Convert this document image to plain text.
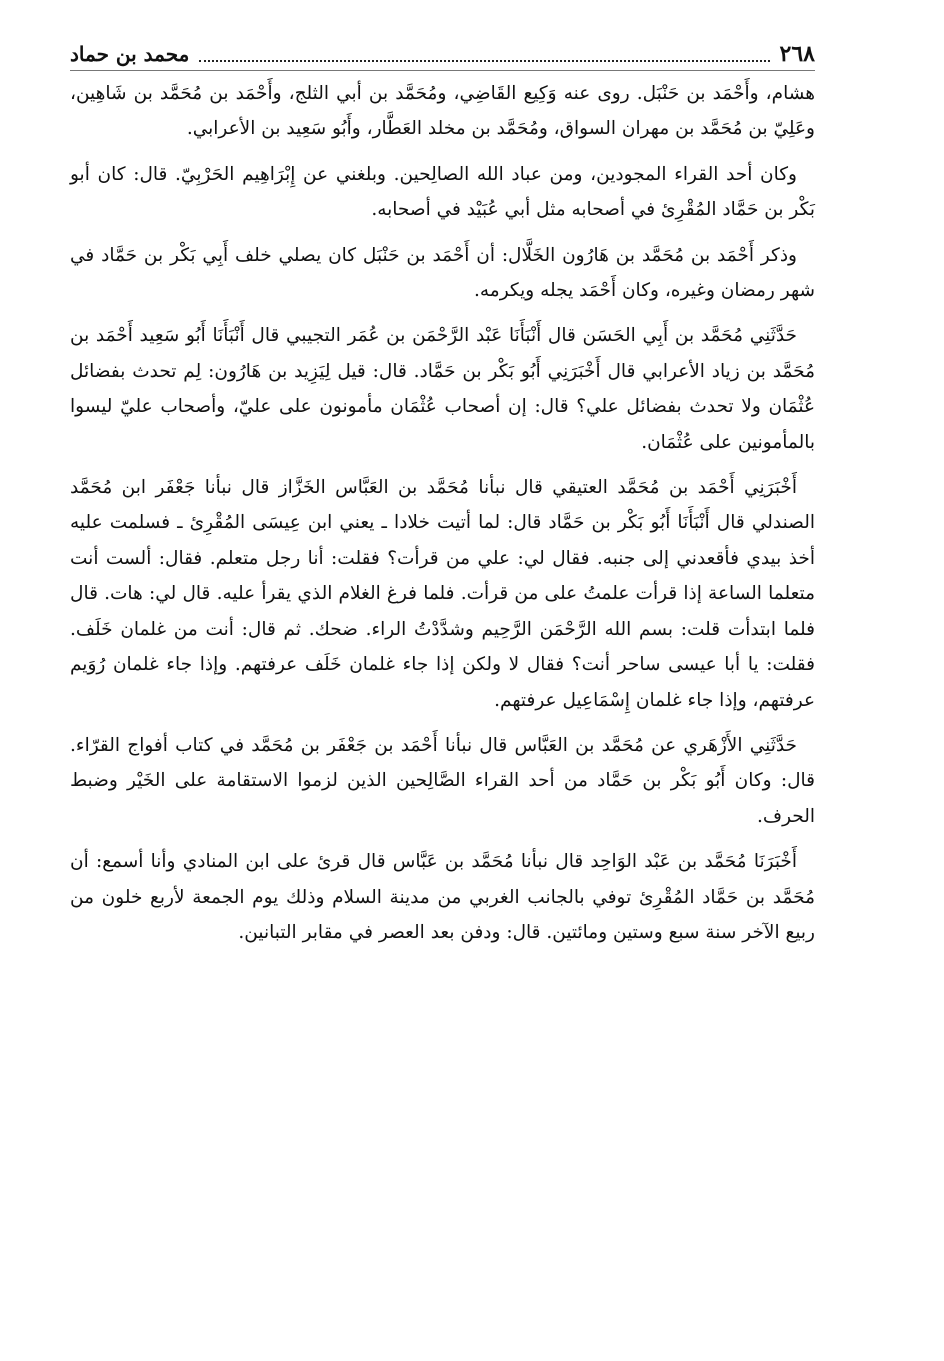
٢٦٨
محمد بن حماد

هشام، وأَحْمَد بن حَنْبَل. روى عنه وَكِيع القَاضِي، ومُحَمَّد بن أبي الثلج، وأَحْمَد بن مُحَمَّد بن شَاهِين، وعَلِيّ بن مُحَمَّد بن مهران السواق، ومُحَمَّد بن مخلد العَطَّار، وأَبُو سَعِيد بن الأعرابي.

وكان أحد القراء المجودين، ومن عباد الله الصالِحين. وبلغني عن إِبْرَاهِيم الحَرْبِيّ. قال: كان أبو بَكْر بن حَمَّاد المُقْرِئ في أصحابه مثل أبي عُبَيْد في أصحابه.

وذكر أَحْمَد بن مُحَمَّد بن هَارُون الخَلَّال: أن أَحْمَد بن حَنْبَل كان يصلي خلف أَبِي بَكْر بن حَمَّاد في شهر رمضان وغيره، وكان أَحْمَد يجله ويكرمه.

حَدَّثَنِي مُحَمَّد بن أَبِي الحَسَن قال أَنْبَأَنَا عَبْد الرَّحْمَن بن عُمَر التجيبي قال أَنْبَأَنَا أَبُو سَعِيد أَحْمَد بن مُحَمَّد بن زياد الأعرابي قال أَخْبَرَنِي أَبُو بَكْر بن حَمَّاد. قال: قيل لِيَزِيد بن هَارُون: لِم تحدث بفضائل عُثْمَان ولا تحدث بفضائل علي؟ قال: إن أصحاب عُثْمَان مأمونون على عليّ، وأصحاب عليّ ليسوا بالمأمونين على عُثْمَان.

أَخْبَرَنِي أَحْمَد بن مُحَمَّد العتيقي قال نبأنا مُحَمَّد بن العَبَّاس الخَزَّاز قال نبأنا جَعْفَر ابن مُحَمَّد الصندلي قال أَنْبَأَنَا أَبُو بَكْر بن حَمَّاد قال: لما أتيت خلادا ـ يعني ابن عِيسَى المُقْرِئ ـ فسلمت عليه أخذ بيدي فأقعدني إلى جنبه. فقال لي: علي من قرأت؟ فقلت: أنا رجل متعلم. فقال: ألست أنت متعلما الساعة إذا قرأت علمتُ على من قرأت. فلما فرغ الغلام الذي يقرأ عليه. قال لي: هات. قال فلما ابتدأت قلت: بسم الله الرَّحْمَن الرَّحِيم وشدَّدْتُ الراء. ضحك. ثم قال: أنت من غلمان خَلَف. فقلت: يا أبا عيسى ساحر أنت؟ فقال لا ولكن إذا جاء غلمان خَلَف عرفتهم. وإذا جاء غلمان رُوَيم عرفتهم، وإذا جاء غلمان إِسْمَاعِيل عرفتهم.

حَدَّثَنِي الأَزْهَري عن مُحَمَّد بن العَبَّاس قال نبأنا أَحْمَد بن جَعْفَر بن مُحَمَّد في كتاب أفواج القرّاء. قال: وكان أَبُو بَكْر بن حَمَّاد من أحد القراء الصَّالِحين الذين لزموا الاستقامة على الخَيْر وضبط الحرف.

أَخْبَرَنَا مُحَمَّد بن عَبْد الوَاحِد قال نبأنا مُحَمَّد بن عَبَّاس قال قرئ على ابن المنادي وأنا أسمع: أن مُحَمَّد بن حَمَّاد المُقْرِئ توفي بالجانب الغربي من مدينة السلام وذلك يوم الجمعة لأربع خلون من ربيع الآخر سنة سبع وستين ومائتين. قال: ودفن بعد العصر في مقابر التبانين.
